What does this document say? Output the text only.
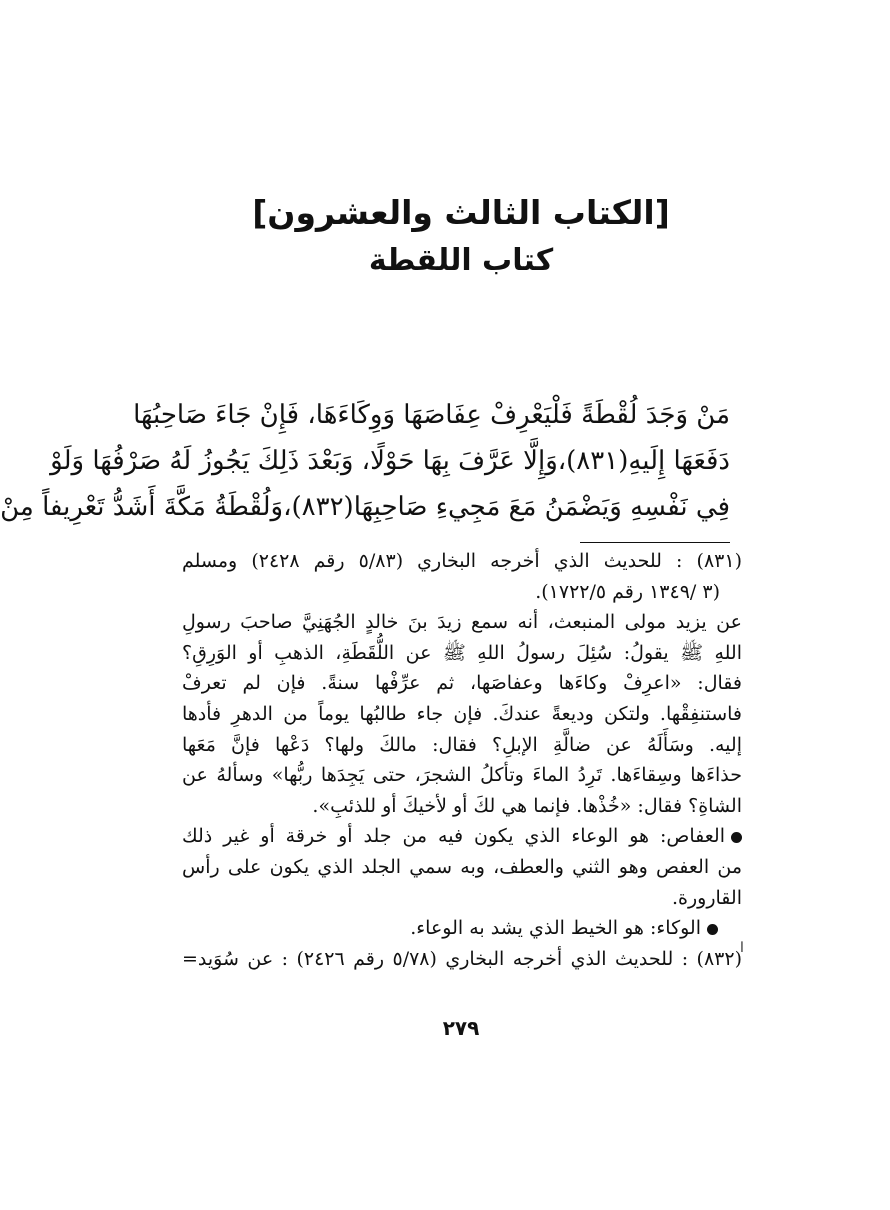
[الكتاب الثالث والعشرون]
كتاب اللقطة
مَنْ وَجَدَ لُقْطَةً فَلْيَعْرِفْ عِفَاصَهَا وَوِكَاءَهَا، فَإِنْ جَاءَ صَاحِبُهَا
دَفَعَهَا إِلَيهِ(٨٣١)،وَإِلَّا عَرَّفَ بِهَا حَوْلًا، وَبَعْدَ ذَلِكَ يَجُوزُ لَهُ صَرْفُهَا وَلَوْ
فِي نَفْسِهِ وَيَضْمَنُ مَعَ مَجِيءِ صَاحِبِهَا(٨٣٢)،وَلُقْطَةُ مَكَّةَ أَشَدُّ تَعْرِيفاً مِنْ
(٨٣١) : للحديث الذي أخرجه البخاري (٥/٨٣ رقم ٢٤٢٨) ومسلم
(٣ /١٣٤٩ رقم ١٧٢٢/٥).
عن يزيد مولى المنبعث، أنه سمع زيدَ بنَ خالدٍ الجُهَنِيَّ صاحبَ رسولِ
اللهِ ﷺ يقولُ: سُئِلَ رسولُ اللهِ ﷺ عن اللُّقَطَةِ، الذهبِ أو الوَرِقِ؟
فقال: «اعرِفْ وكاءَها وعفاصَها، ثم عرِّفْها سنةً. فإن لم تعرفْ
فاستنفِقْها. ولتكن وديعةً عندكَ. فإن جاء طالبُها يوماً من الدهرِ فأدها
إليه. وسَأَلَهُ عن ضالَّةِ الإبلِ؟ فقال: مالكَ ولها؟ دَعْها فإنَّ مَعَها
حذاءَها وسِقاءَها. تَرِدُ الماءَ وتأكلُ الشجرَ، حتى يَجِدَها ربُّها» وسألهُ عن
الشاةِ؟ فقال: «خُذْها. فإنما هي لكَ أو لأخيكَ أو للذئبِ».
العفاص: هو الوعاء الذي يكون فيه من جلد أو خرقة أو غير ذلك
من العفص وهو الثني والعطف، وبه سمي الجلد الذي يكون على رأس
القارورة.
الوكاء: هو الخيط الذي يشد به الوعاء.
(٨٣٢) : للحديث الذي أخرجه البخاري (٥/٧٨ رقم ٢٤٢٦) : عن سُوَيد=
ا
٢٧٩
